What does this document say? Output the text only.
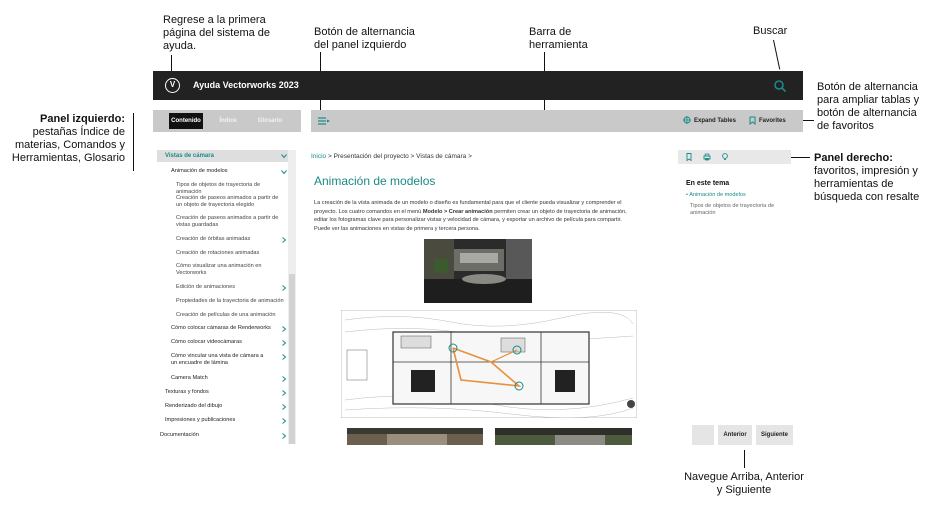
Regrese a la primera
página del sistema de
ayuda.
Botón de alternancia
del panel izquierdo
Barra de
herramienta
Buscar
Botón de alternancia
para ampliar tablas y
botón de alternancia
de favoritos
Panel izquierdo:
pestañas Índice de
materias, Comandos y
Herramientas, Glosario	Panel derecho:
favoritos, impresión y
herramientas de
búsqueda con resalte
Navegue Arriba, Anterior
y Siguiente
V	Ayuda Vectorworks 2023
Contenido	Índice	Glosario	Expand Tables	Favorites
Vistas de cámara
Animación de modelos
Tipos de objetos de trayectoria de animación
Creación de paseos animados a partir de un objeto de trayectoria elegido
Creación de paseos animados a partir de vistas guardadas
Creación de órbitas animadas
Creación de rotaciones animadas
Cómo visualizar una animación en Vectorworks
Edición de animaciones
Propiedades de la trayectoria de animación
Creación de películas de una animación
Cómo colocar cámaras de Renderworks
Cómo colocar videocámaras
Cómo vincular una vista de cámara a un encuadre de lámina
Camera Match
Texturas y fondos
Renderizado del dibujo
Impresiones y publicaciones
Documentación
Inicio > Presentación del proyecto > Vistas de cámara >
Animación de modelos
La creación de la vista animada de un modelo o diseño es fundamental para que el cliente pueda visualizar y comprender el proyecto. Los cuatro comandos en el menú Modelo > Crear animación permiten crear un objeto de trayectoria de animación, editar los fotogramas clave para personalizar vistas y velocidad de cámara, y exportar un archivo de película para compartir. Puede ver las animaciones en vistas de primera y tercera persona.
En este tema
• Animación de modelos
Tipos de objetos de trayectoria de animación
Anterior	Siguiente
